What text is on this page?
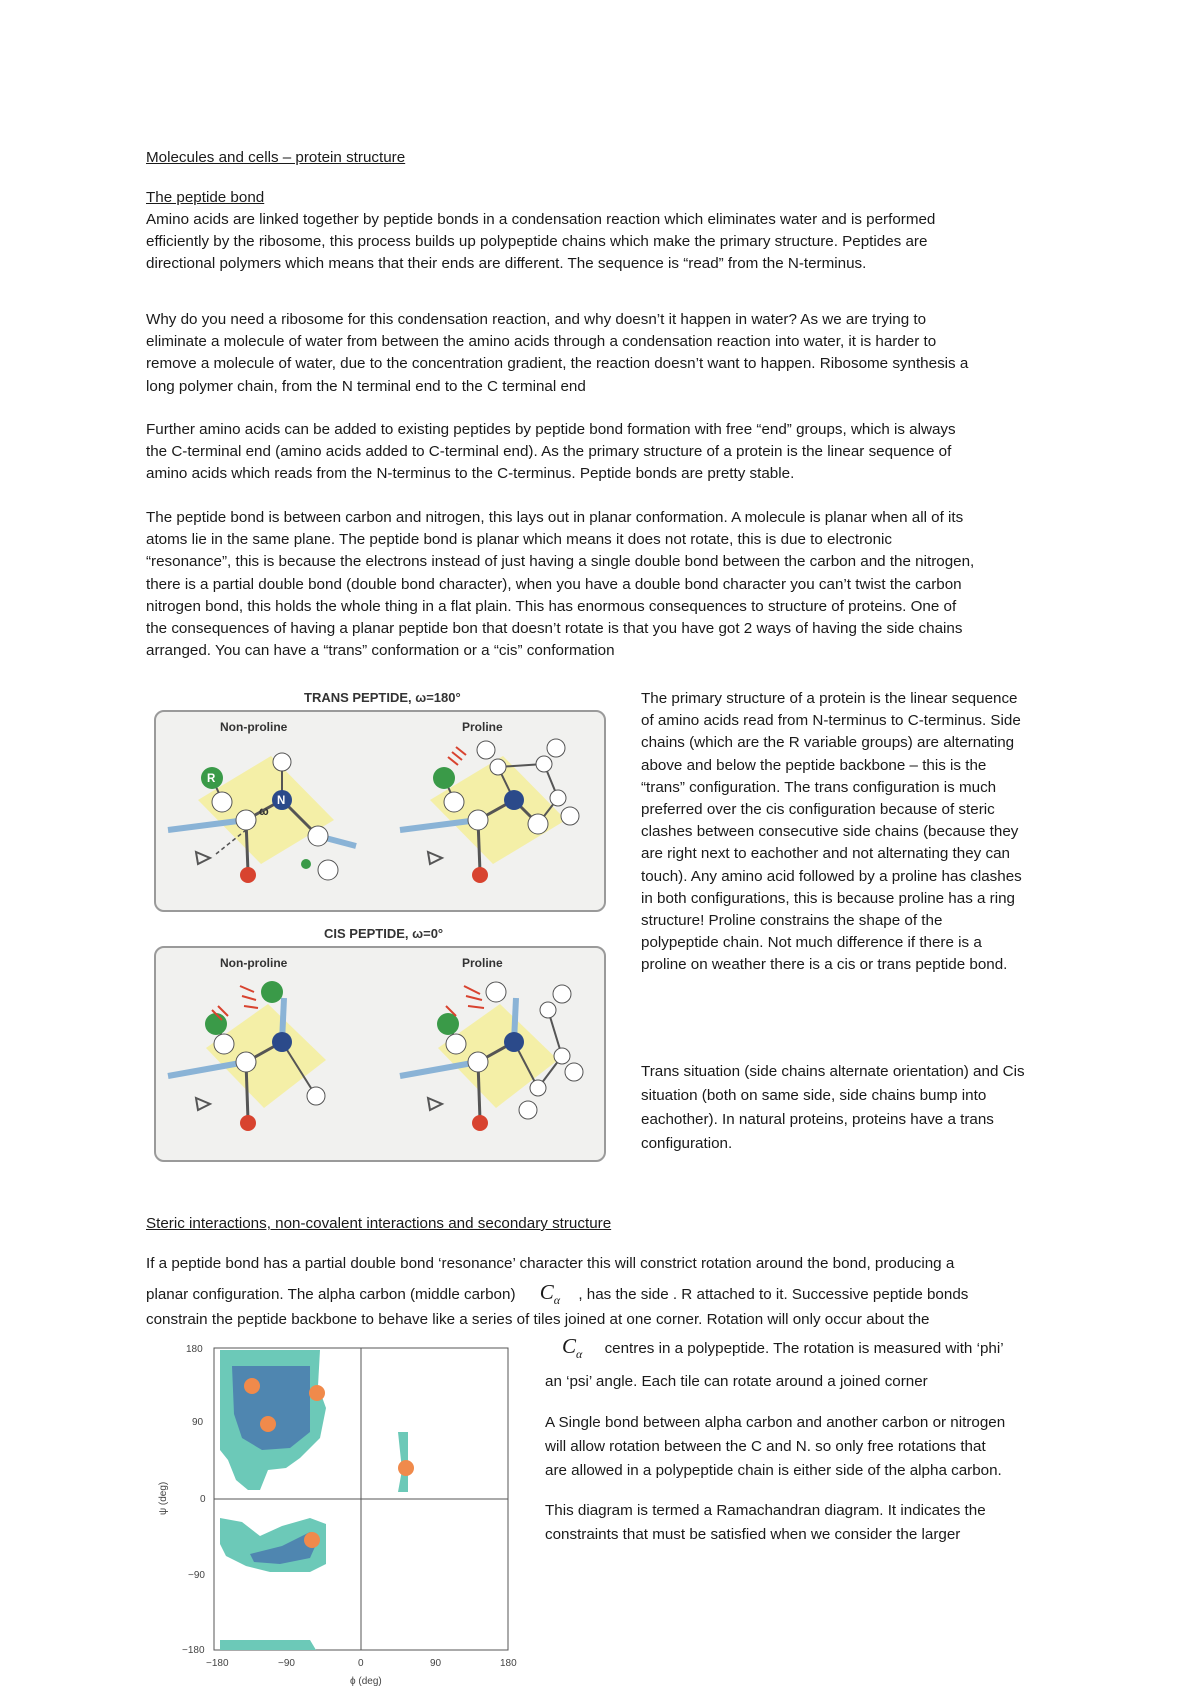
Molecules and cells – protein structure
The peptide bond
Amino acids are linked together by peptide bonds in a condensation reaction which eliminates water and is performed
efficiently by the ribosome, this process builds up polypeptide chains which make the primary structure. Peptides are
directional polymers which means that their ends are different. The sequence is “read” from the N-terminus.
Why do you need a ribosome for this condensation reaction, and why doesn’t it happen in water? As we are trying to
eliminate a molecule of water from between the amino acids through a condensation reaction into water, it is harder to
remove a molecule of water, due to the concentration gradient, the reaction doesn’t want to happen. Ribosome synthesis a
long polymer chain, from the N terminal end to the C terminal end
Further amino acids can be added to existing peptides by peptide bond formation with free “end” groups, which is always
the C-terminal end (amino acids added to C-terminal end). As the primary structure of a protein is the linear sequence of
amino acids which reads from the N-terminus to the C-terminus. Peptide bonds are pretty stable.
The peptide bond is between carbon and nitrogen, this lays out in planar conformation. A molecule is planar when all of its
atoms lie in the same plane. The peptide bond is planar which means it does not rotate, this is due to electronic
“resonance”, this is because the electrons instead of just having a single double bond between the carbon and the nitrogen,
there is a partial double bond (double bond character), when you have a double bond character you can’t twist the carbon
nitrogen bond, this holds the whole thing in a flat plain. This has enormous consequences to structure of proteins. One of
the consequences of having a planar peptide bon that doesn’t rotate is that you have got 2 ways of having the side chains
arranged. You can have a “trans” conformation or a “cis” conformation
TRANS PEPTIDE, ω=180°
Non-proline	Proline
R
N
ω
CIS PEPTIDE, ω=0°
Non-proline	Proline
The primary structure of a protein is the linear sequence
of amino acids read from N-terminus to C-terminus. Side
chains (which are the R variable groups) are alternating
above and below the peptide backbone – this is the
“trans” configuration. The trans configuration is much
preferred over the cis configuration because of steric
clashes between consecutive side chains (because they
are right next to eachother and not alternating they can
touch). Any amino acid followed by a proline has clashes
in both configurations, this is because proline has a ring
structure! Proline constrains the shape of the
polypeptide chain. Not much difference if there is a
proline on weather there is a cis or trans peptide bond.
Trans situation (side chains alternate orientation) and Cis
situation (both on same side, side chains bump into
eachother). In natural proteins, proteins have a trans
configuration.
Steric interactions, non-covalent interactions and secondary structure
If a peptide bond has a partial double bond ‘resonance’ character this will constrict rotation around the bond, producing a
planar configuration. The alpha carbon (middle carbon) $C_\alpha$ , has the side . R attached to it. Successive peptide bonds
constrain the peptide backbone to behave like a series of tiles joined at one corner. Rotation will only occur about the
$C_\alpha$ centres in a polypeptide. The rotation is measured with ‘phi’
an ‘psi’ angle. Each tile can rotate around a joined corner
A Single bond between alpha carbon and another carbon or nitrogen
will allow rotation between the C and N. so only free rotations that
are allowed in a polypeptide chain is either side of the alpha carbon.
This diagram is termed a Ramachandran diagram. It indicates the
constraints that must be satisfied when we consider the larger
180
90
0
−90
−180
−180	−90	0	90	180
ϕ (deg)
ψ (deg)
